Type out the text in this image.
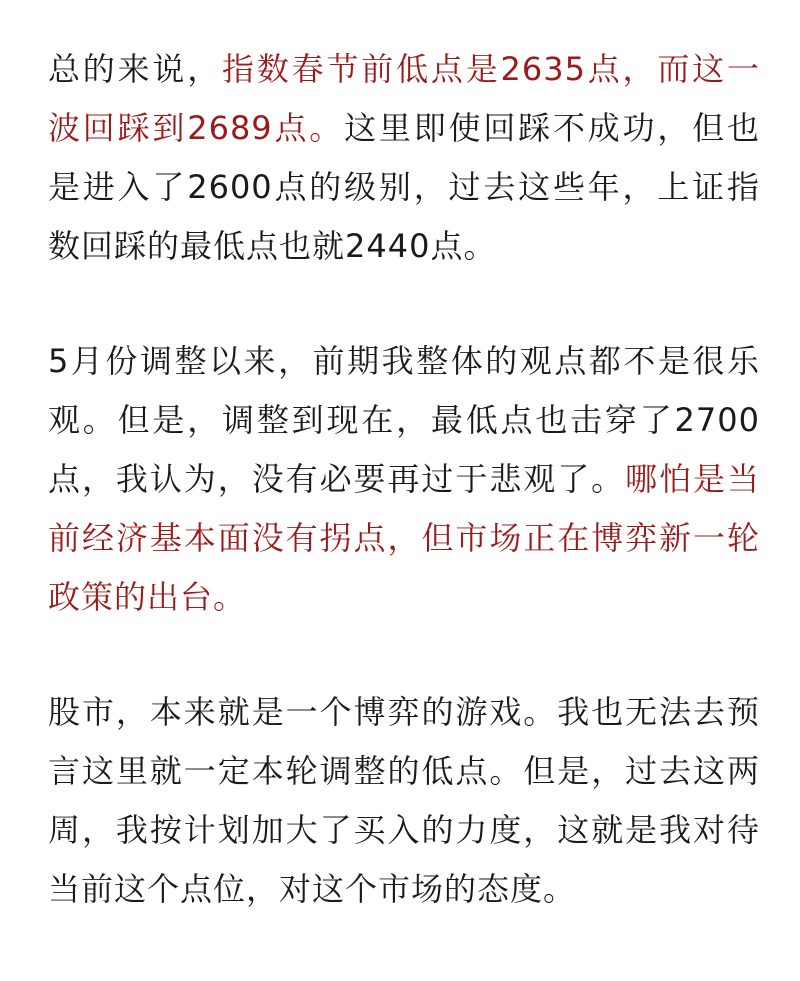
总的来说，指数春节前低点是2635点，而这一波回踩到2689点。这里即使回踩不成功，但也是进入了2600点的级别，过去这些年，上证指数回踩的最低点也就2440点。

5月份调整以来，前期我整体的观点都不是很乐观。但是，调整到现在，最低点也击穿了2700点，我认为，没有必要再过于悲观了。哪怕是当前经济基本面没有拐点，但市场正在博弈新一轮政策的出台。

股市，本来就是一个博弈的游戏。我也无法去预言这里就一定本轮调整的低点。但是，过去这两周，我按计划加大了买入的力度，这就是我对待当前这个点位，对这个市场的态度。
